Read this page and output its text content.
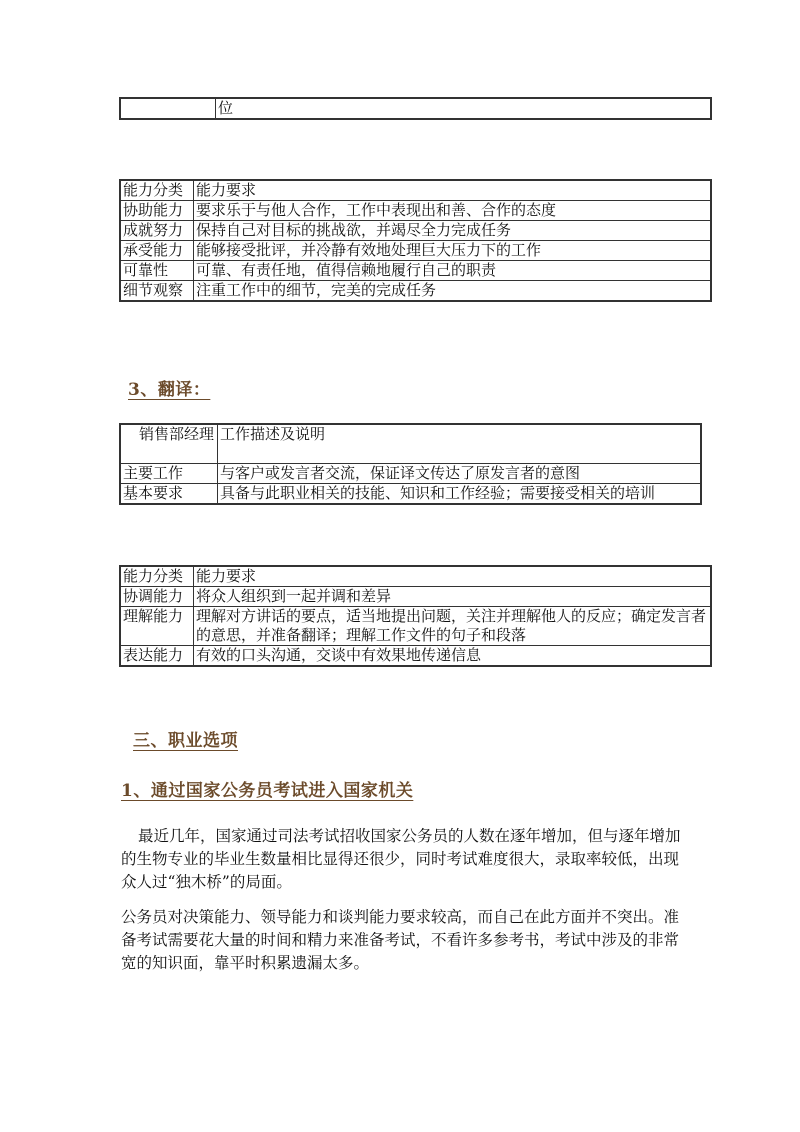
	位
能力分类	能力要求
协助能力	要求乐于与他人合作，工作中表现出和善、合作的态度
成就努力	保持自己对目标的挑战欲，并竭尽全力完成任务
承受能力	能够接受批评，并冷静有效地处理巨大压力下的工作
可靠性	可靠、有责任地，值得信赖地履行自己的职责
细节观察	注重工作中的细节，完美的完成任务
3、翻译：
销售部经理	工作描述及说明
主要工作	与客户或发言者交流，保证译文传达了原发言者的意图
基本要求	具备与此职业相关的技能、知识和工作经验；需要接受相关的培训
能力分类	能力要求
协调能力	将众人组织到一起并调和差异
理解能力	理解对方讲话的要点，适当地提出问题，关注并理解他人的反应；确定发言者的意思，并准备翻译；理解工作文件的句子和段落
表达能力	有效的口头沟通，交谈中有效果地传递信息
三、职业选项
1、通过国家公务员考试进入国家机关

最近几年，国家通过司法考试招收国家公务员的人数在逐年增加，但与逐年增加的生物专业的毕业生数量相比显得还很少，同时考试难度很大，录取率较低，出现众人过“独木桥”的局面。

公务员对决策能力、领导能力和谈判能力要求较高，而自己在此方面并不突出。准备考试需要花大量的时间和精力来准备考试，不看许多参考书，考试中涉及的非常宽的知识面，靠平时积累遗漏太多。
